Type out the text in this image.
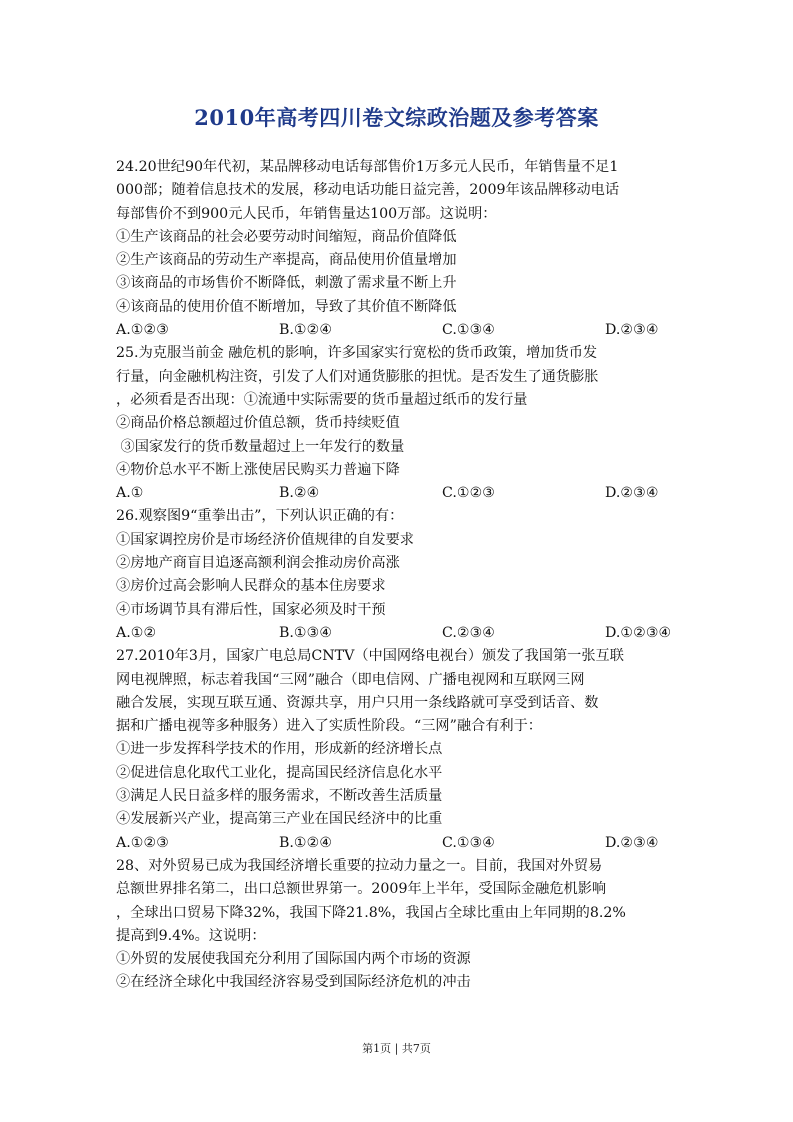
2010年高考四川卷文综政治题及参考答案
24.20世纪90年代初，某品牌移动电话每部售价1万多元人民币，年销售量不足1
000部；随着信息技术的发展，移动电话功能日益完善，2009年该品牌移动电话
每部售价不到900元人民币，年销售量达100万部。这说明：
①生产该商品的社会必要劳动时间缩短，商品价值降低
②生产该商品的劳动生产率提高，商品使用价值量增加
③该商品的市场售价不断降低，刺激了需求量不断上升
④该商品的使用价值不断增加，导致了其价值不断降低
A.①②③	B.①②④	C.①③④	D.②③④
25.为克服当前金 融危机的影响，许多国家实行宽松的货币政策，增加货币发
行量，向金融机构注资，引发了人们对通货膨胀的担忧。是否发生了通货膨胀
，必须看是否出现：①流通中实际需要的货币量超过纸币的发行量
②商品价格总额超过价值总额，货币持续贬值
③国家发行的货币数量超过上一年发行的数量
④物价总水平不断上涨使居民购买力普遍下降
A.①	B.②④	C.①②③	D.②③④
26.观察图9“重拳出击”，下列认识正确的有：
①国家调控房价是市场经济价值规律的自发要求
②房地产商盲目追逐高额利润会推动房价高涨
③房价过高会影响人民群众的基本住房要求
④市场调节具有滞后性，国家必须及时干预
A.①②	B.①③④	C.②③④	D.①②③④
27.2010年3月，国家广电总局CNTV（中国网络电视台）颁发了我国第一张互联
网电视牌照，标志着我国“三网”融合（即电信网、广播电视网和互联网三网
融合发展，实现互联互通、资源共享，用户只用一条线路就可享受到话音、数
据和广播电视等多种服务）进入了实质性阶段。“三网”融合有利于：
①进一步发挥科学技术的作用，形成新的经济增长点
②促进信息化取代工业化，提高国民经济信息化水平
③满足人民日益多样的服务需求，不断改善生活质量
④发展新兴产业，提高第三产业在国民经济中的比重
A.①②③	B.①②④	C.①③④	D.②③④
28、对外贸易已成为我国经济增长重要的拉动力量之一。目前，我国对外贸易
总额世界排名第二，出口总额世界第一。2009年上半年，受国际金融危机影响
，全球出口贸易下降32%，我国下降21.8%，我国占全球比重由上年同期的8.2%
提高到9.4%。这说明：
①外贸的发展使我国充分利用了国际国内两个市场的资源
②在经济全球化中我国经济容易受到国际经济危机的冲击
第1页 | 共7页
